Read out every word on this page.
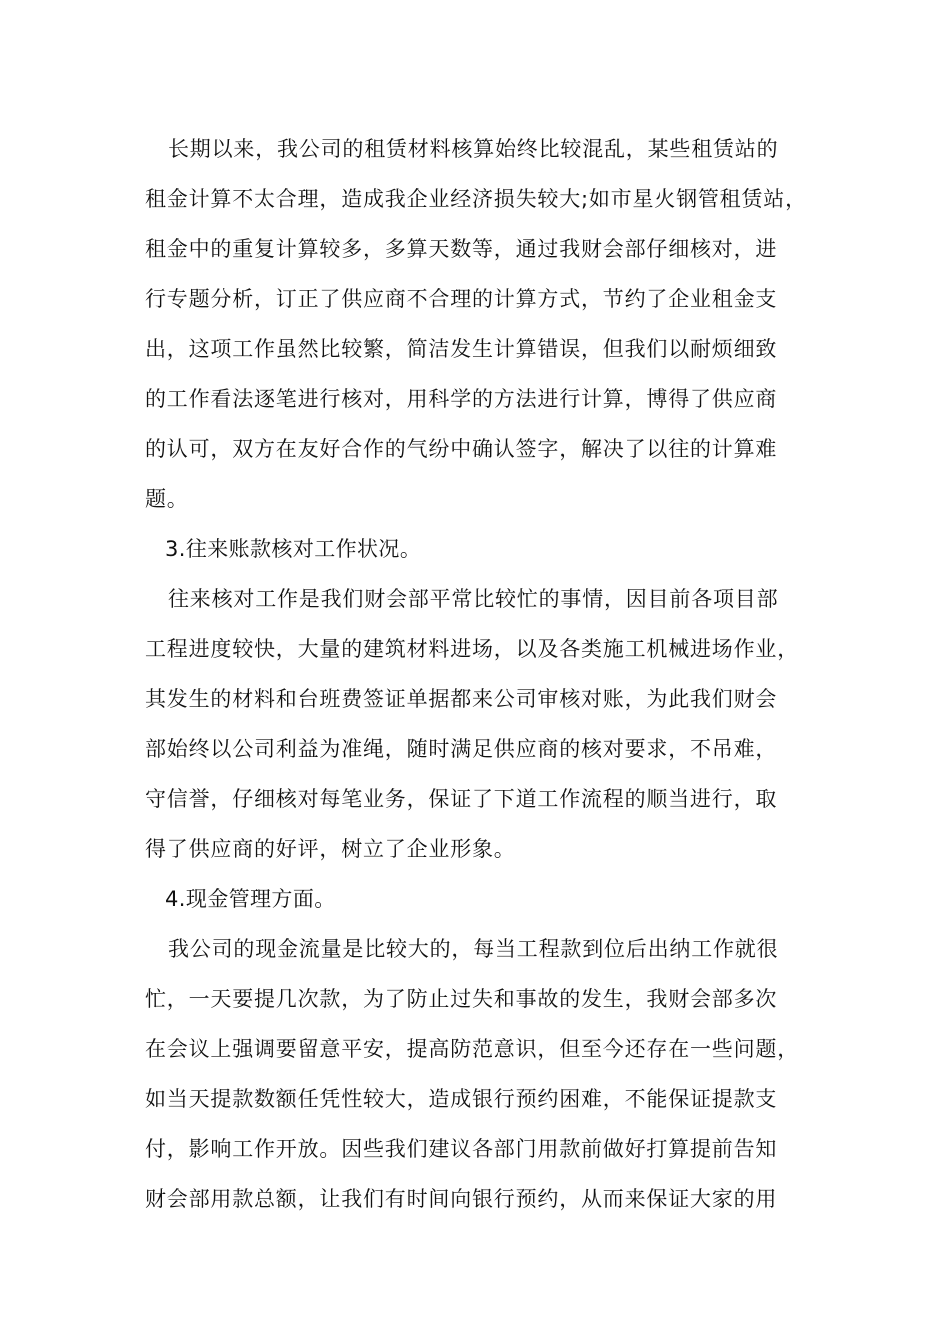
长期以来，我公司的租赁材料核算始终比较混乱，某些租赁站的

租金计算不太合理，造成我企业经济损失较大;如市星火钢管租赁站，

租金中的重复计算较多，多算天数等，通过我财会部仔细核对，进

行专题分析，订正了供应商不合理的计算方式，节约了企业租金支

出，这项工作虽然比较繁，简洁发生计算错误，但我们以耐烦细致

的工作看法逐笔进行核对，用科学的方法进行计算，博得了供应商

的认可，双方在友好合作的气纷中确认签字，解决了以往的计算难

题。

3.往来账款核对工作状况。

往来核对工作是我们财会部平常比较忙的事情，因目前各项目部

工程进度较快，大量的建筑材料进场，以及各类施工机械进场作业，

其发生的材料和台班费签证单据都来公司审核对账，为此我们财会

部始终以公司利益为准绳，随时满足供应商的核对要求，不吊难，

守信誉，仔细核对每笔业务，保证了下道工作流程的顺当进行，取

得了供应商的好评，树立了企业形象。

4.现金管理方面。

我公司的现金流量是比较大的，每当工程款到位后出纳工作就很

忙，一天要提几次款，为了防止过失和事故的发生，我财会部多次

在会议上强调要留意平安，提高防范意识，但至今还存在一些问题，

如当天提款数额任凭性较大，造成银行预约困难，不能保证提款支

付，影响工作开放。因些我们建议各部门用款前做好打算提前告知

财会部用款总额，让我们有时间向银行预约，从而来保证大家的用
